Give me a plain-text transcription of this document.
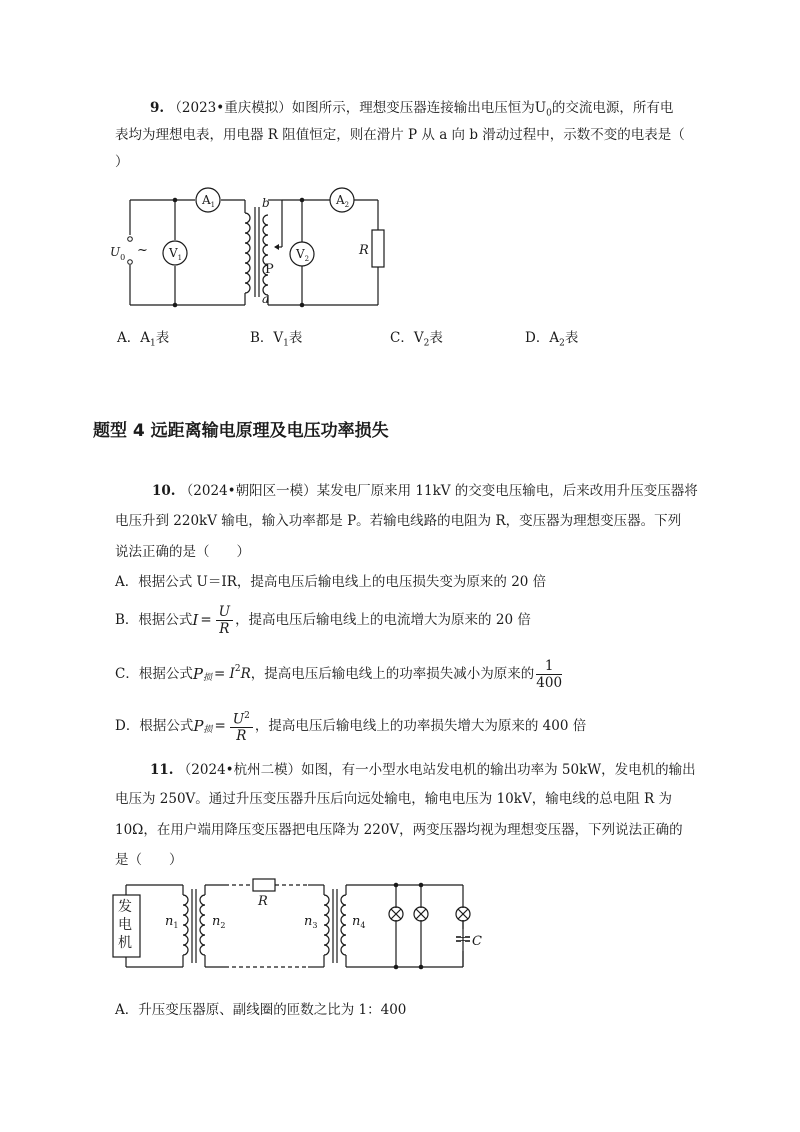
9. （2023•重庆模拟）如图所示，理想变压器连接输出电压恒为$U_0$的交流电源，所有电
表均为理想电表，用电器 R 阻值恒定，则在滑片 P 从 a 向 b 滑动过程中，示数不变的电表是（
）
$U_0$ ~
$A_1$
$V_1$	$V_2$
$A_2$
b
a
P
R
A．$A_1$表	B．$V_1$表	C．$V_2$表	D．$A_2$表
题型 4 远距离输电原理及电压功率损失
10. （2024•朝阳区一模）某发电厂原来用 11kV 的交变电压输电，后来改用升压变压器将
电压升到 220kV 输电，输入功率都是 P。若输电线路的电阻为 R，变压器为理想变压器。下列
说法正确的是（　　）
A．根据公式 U＝IR，提高电压后输电线上的电压损失变为原来的 20 倍
B．根据公式 $I = \frac{U}{R}$ ，提高电压后输电线上的电流增大为原来的 20 倍
C．根据公式 $P_损 = I^2$ R ，提高电压后输电线上的功率损失减小为原来的 $\frac{1}{400}$
D．根据公式 $P_损 = \frac{U^2}{R}$ ，提高电压后输电线上的功率损失增大为原来的 400 倍
11. （2024•杭州二模）如图，有一小型水电站发电机的输出功率为 50kW，发电机的输出
电压为 250V。通过升压变压器升压后向远处输电，输电电压为 10kV，输电线的总电阻 R 为
10Ω，在用户端用降压变压器把电压降为 220V，两变压器均视为理想变压器，下列说法正确的
是（　　）
发
电
机
$n_1$	$n_2$	$n_3$	$n_4$
R
C
A．升压变压器原、副线圈的匝数之比为 1：400
